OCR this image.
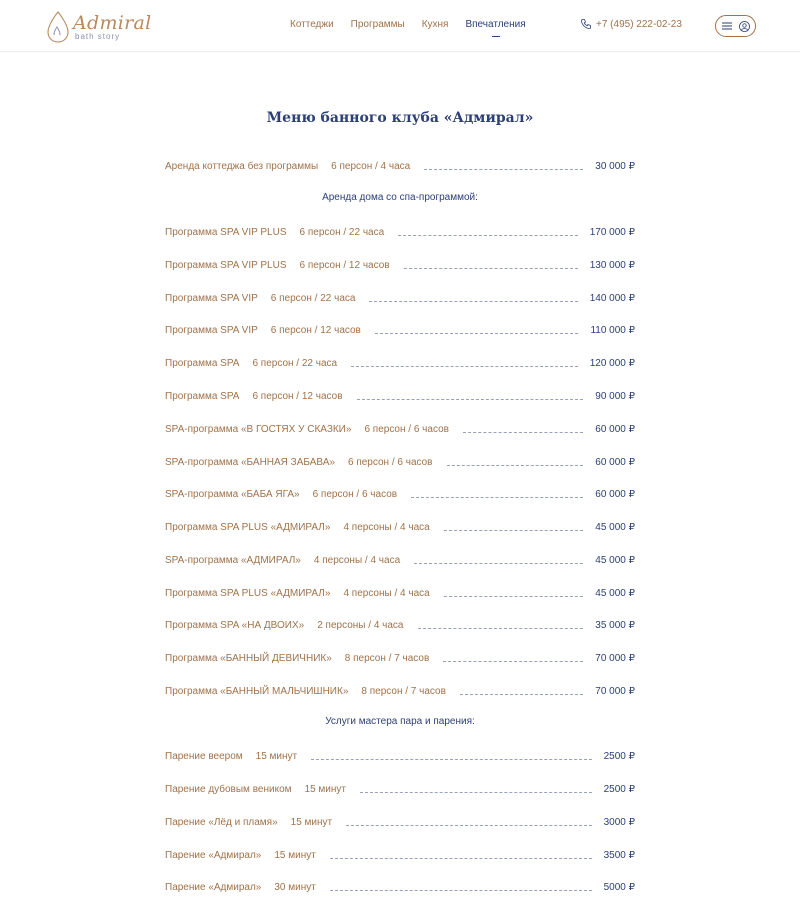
Admiral
bath story
Коттеджи Программы Кухня Впечатления	+7 (495) 222-02-23
Меню банного клуба «Адмирал»
Аренда коттеджа без программы 6 персон / 4 часа	30 000 ₽
Аренда дома со спа-программой:
Программа SPA VIP PLUS 6 персон / 22 часа	170 000 ₽
Программа SPA VIP PLUS 6 персон / 12 часов	130 000 ₽
Программа SPA VIP 6 персон / 22 часа	140 000 ₽
Программа SPA VIP 6 персон / 12 часов	110 000 ₽
Программа SPA 6 персон / 22 часа	120 000 ₽
Программа SPA 6 персон / 12 часов	90 000 ₽
SPA-программа «В ГОСТЯХ У СКАЗКИ» 6 персон / 6 часов	60 000 ₽
SPA-программа «БАННАЯ ЗАБАВА» 6 персон / 6 часов	60 000 ₽
SPA-программа «БАБА ЯГА» 6 персон / 6 часов	60 000 ₽
Программа SPA PLUS «АДМИРАЛ» 4 персоны / 4 часа	45 000 ₽
SPA-программа «АДМИРАЛ» 4 персоны / 4 часа	45 000 ₽
Программа SPA PLUS «АДМИРАЛ» 4 персоны / 4 часа	45 000 ₽
Программа SPA «НА ДВОИХ» 2 персоны / 4 часа	35 000 ₽
Программа «БАННЫЙ ДЕВИЧНИК» 8 персон / 7 часов	70 000 ₽
Программа «БАННЫЙ МАЛЬЧИШНИК» 8 персон / 7 часов	70 000 ₽
Услуги мастера пара и парения:
Парение веером 15 минут	2500 ₽
Парение дубовым веником 15 минут	2500 ₽
Парение «Лёд и пламя» 15 минут	3000 ₽
Парение «Адмирал» 15 минут	3500 ₽
Парение «Адмирал» 30 минут	5000 ₽
